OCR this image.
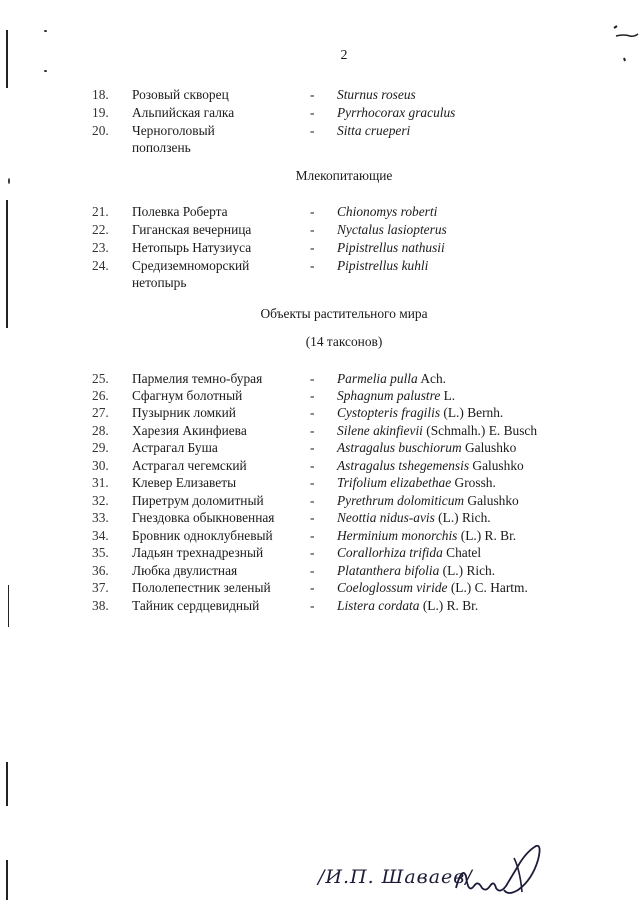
2
18.	Розовый скворец	-	Sturnus roseus
19.	Альпийская галка	-	Pyrrhocorax graculus
20.	Черноголовый	-	Sitta crueperi
поползень
Млекопитающие
21.	Полевка Роберта	-	Chionomys roberti
22.	Гиганская вечерница	-	Nyctalus lasiopterus
23.	Нетопырь Натузиуса	-	Pipistrellus nathusii
24.	Средиземноморский	-	Pipistrellus kuhli
нетопырь
Объекты растительного мира
(14 таксонов)
25.	Пармелия темно-бурая	-	Parmelia pulla Ach.
26.	Сфагнум болотный	-	Sphagnum palustre L.
27.	Пузырник ломкий	-	Cystopteris fragilis (L.) Bernh.
28.	Харезия Акинфиева	-	Silene akinfievii (Schmalh.) E. Busch
29.	Астрагал Буша	-	Astragalus buschiorum Galushko
30.	Астрагал чегемский	-	Astragalus tshegemensis Galushko
31.	Клевер Елизаветы	-	Trifolium elizabethae Grossh.
32.	Пиретрум доломитный	-	Pyrethrum dolomiticum Galushko
33.	Гнездовка обыкновенная	-	Neottia nidus-avis (L.) Rich.
34.	Бровник одноклубневый	-	Herminium monorchis (L.) R. Br.
35.	Ладьян трехнадрезный	-	Corallorhiza trifida Chatel
36.	Любка двулистная	-	Platanthera bifolia (L.) Rich.
37.	Пололепестник зеленый	-	Coeloglossum viride (L.) C. Hartm.
38.	Тайник сердцевидный	-	Listera cordata (L.) R. Br.
/И.П. Шаваев/
